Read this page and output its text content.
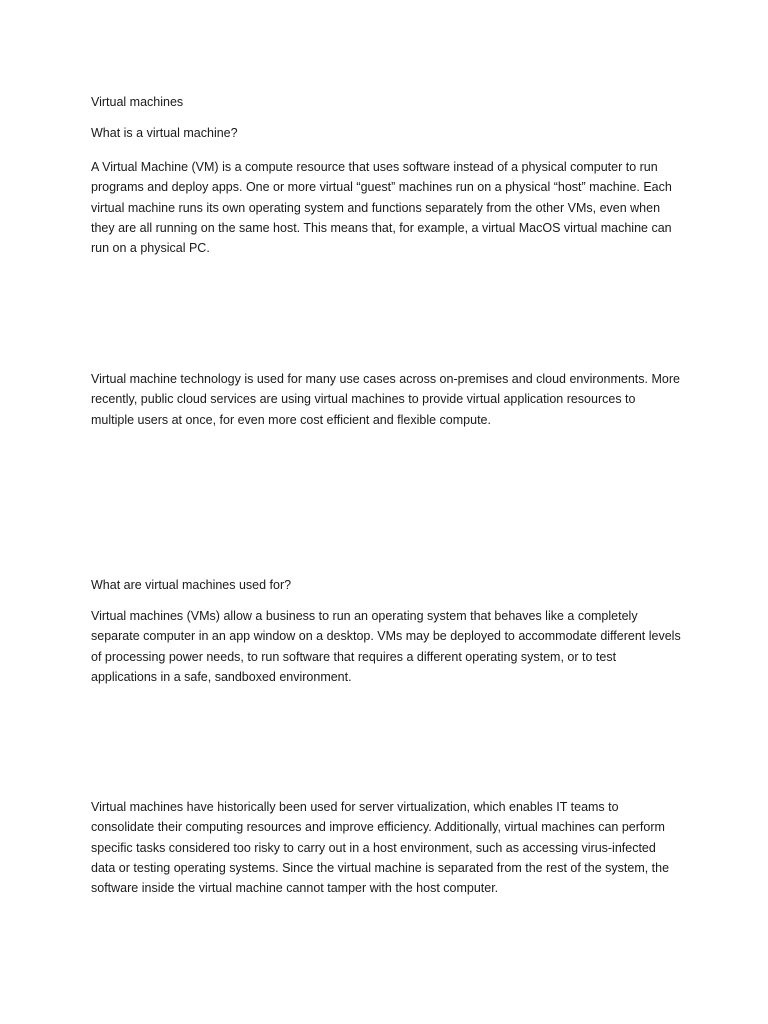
Virtual machines

What is a virtual machine?

A Virtual Machine (VM) is a compute resource that uses software instead of a physical computer to run programs and deploy apps. One or more virtual “guest” machines run on a physical “host” machine. Each virtual machine runs its own operating system and functions separately from the other VMs, even when they are all running on the same host. This means that, for example, a virtual MacOS virtual machine can run on a physical PC.

Virtual machine technology is used for many use cases across on-premises and cloud environments. More recently, public cloud services are using virtual machines to provide virtual application resources to multiple users at once, for even more cost efficient and flexible compute.

What are virtual machines used for?

Virtual machines (VMs) allow a business to run an operating system that behaves like a completely separate computer in an app window on a desktop. VMs may be deployed to accommodate different levels of processing power needs, to run software that requires a different operating system, or to test applications in a safe, sandboxed environment.

Virtual machines have historically been used for server virtualization, which enables IT teams to consolidate their computing resources and improve efficiency. Additionally, virtual machines can perform specific tasks considered too risky to carry out in a host environment, such as accessing virus-infected data or testing operating systems. Since the virtual machine is separated from the rest of the system, the software inside the virtual machine cannot tamper with the host computer.
